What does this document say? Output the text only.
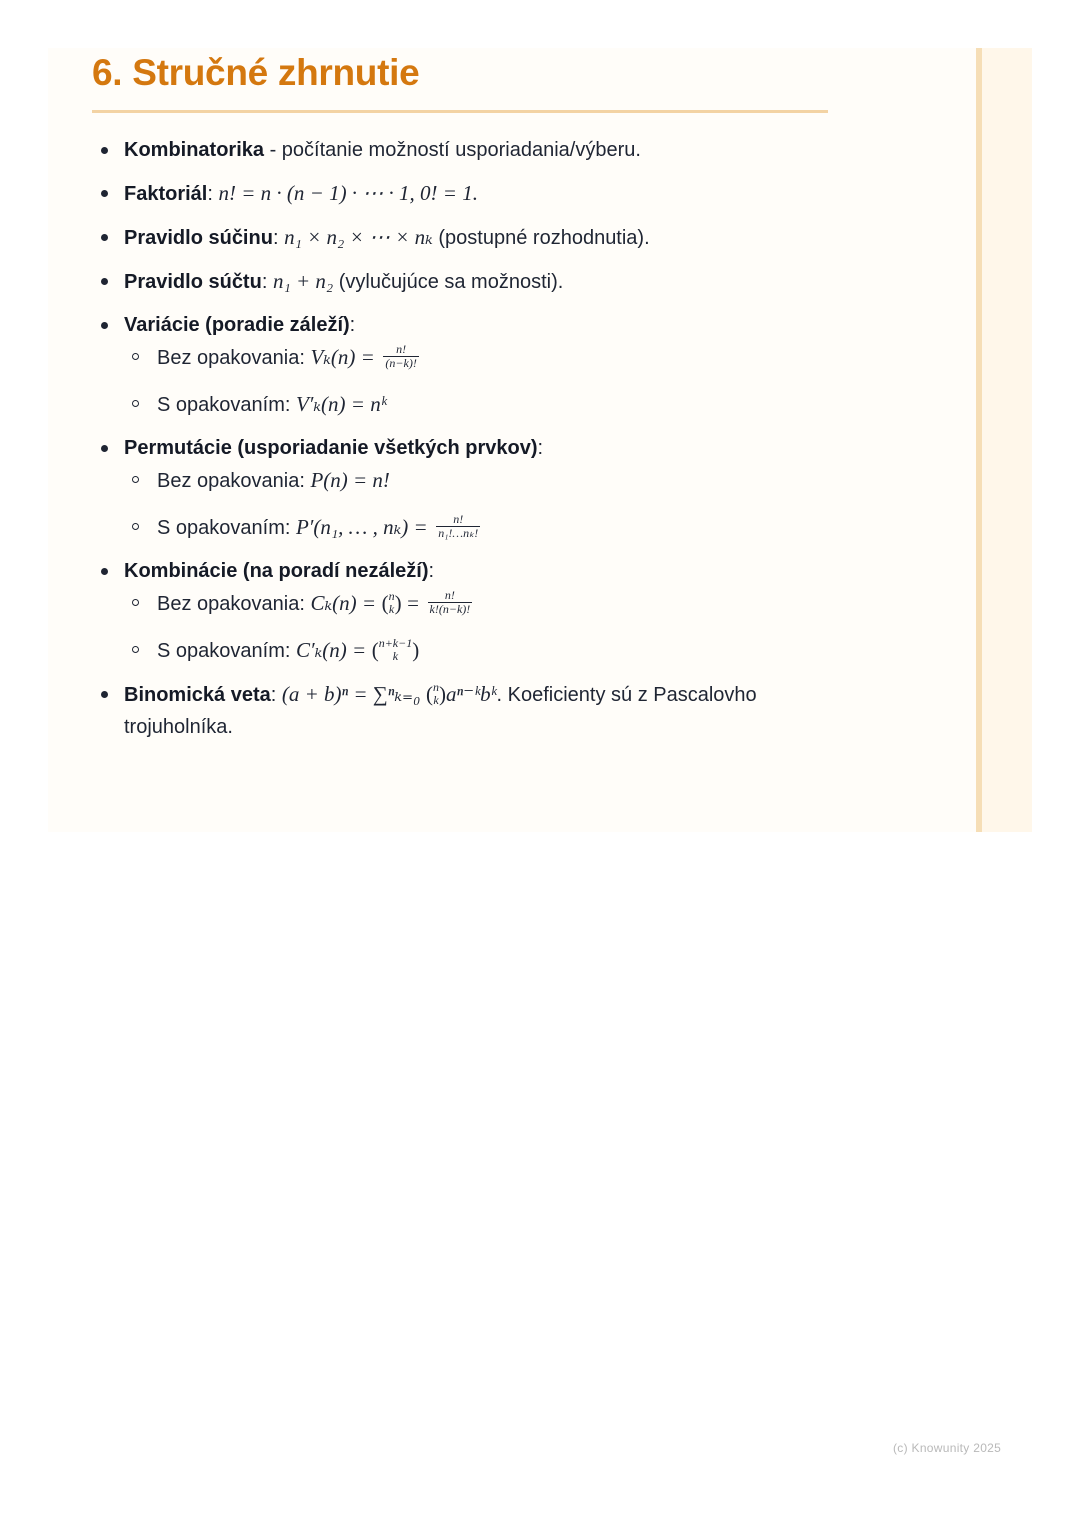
6. Stručné zhrnutie
Kombinatorika - počítanie možností usporiadania/výberu.
Faktoriál: n! = n · (n − 1) · ⋯ · 1, 0! = 1.
Pravidlo súčinu: n₁ × n₂ × ⋯ × nₖ (postupné rozhodnutia).
Pravidlo súčtu: n₁ + n₂ (vylučujúce sa možnosti).
Variácie (poradie záleží):
Bez opakovania: $V_k(n) = \frac{n!}{(n-k)!}$
S opakovaním: V′ₖ(n) = nᵏ
Permutácie (usporiadanie všetkých prvkov):
Bez opakovania: P(n) = n!
S opakovaním: P′(n₁, … , $n_k) = \frac{n!}{\text{n₁!…nₖ!}}$
Kombinácie (na poradí nezáleží):
Bez opakovania: Cₖ(n) = ( n
k ) = $\frac{n!}{k!(n-k)!}$
S opakovaním: C′ₖ(n) = ( n+k−1
k )
Binomická veta: (a + b)ⁿ = ∑ⁿₖ₌₀ ( n
k )aⁿ⁻ᵏbᵏ. Koeficienty sú z Pascalovho trojuholníka.
(c) Knowunity 2025
